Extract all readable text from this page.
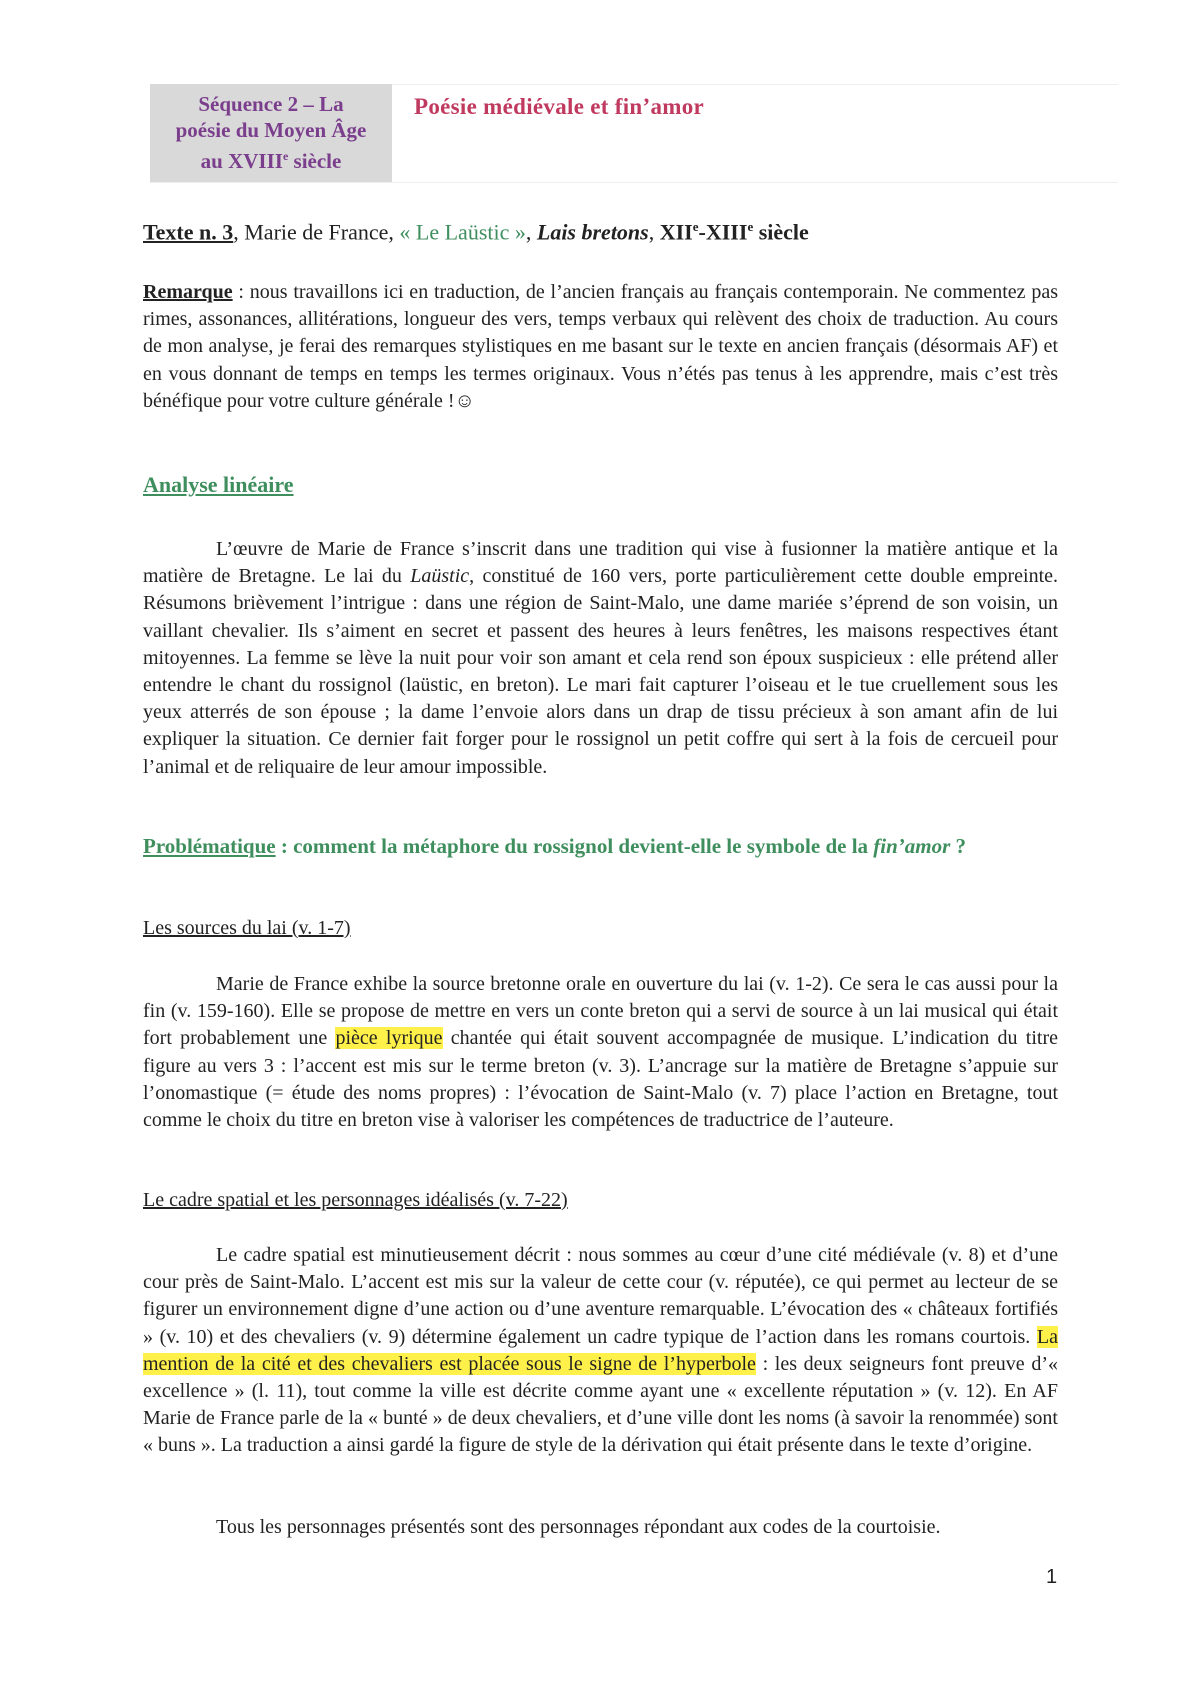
Séquence 2 – La
poésie du Moyen Âge
au XVIIIe siècle
Poésie médiévale et fin’amor
Texte n. 3, Marie de France, « Le Laüstic », Lais bretons, XIIe-XIIIe siècle
Remarque : nous travaillons ici en traduction, de l’ancien français au français contemporain. Ne commentez pas rimes, assonances, allitérations, longueur des vers, temps verbaux qui relèvent des choix de traduction. Au cours de mon analyse, je ferai des remarques stylistiques en me basant sur le texte en ancien français (désormais AF) et en vous donnant de temps en temps les termes originaux. Vous n’étés pas tenus à les apprendre, mais c’est très bénéfique pour votre culture générale !☺
Analyse linéaire
L’œuvre de Marie de France s’inscrit dans une tradition qui vise à fusionner la matière antique et la matière de Bretagne. Le lai du Laüstic, constitué de 160 vers, porte particulièrement cette double empreinte. Résumons brièvement l’intrigue : dans une région de Saint-Malo, une dame mariée s’éprend de son voisin, un vaillant chevalier. Ils s’aiment en secret et passent des heures à leurs fenêtres, les maisons respectives étant mitoyennes. La femme se lève la nuit pour voir son amant et cela rend son époux suspicieux : elle prétend aller entendre le chant du rossignol (laüstic, en breton). Le mari fait capturer l’oiseau et le tue cruellement sous les yeux atterrés de son épouse ; la dame l’envoie alors dans un drap de tissu précieux à son amant afin de lui expliquer la situation. Ce dernier fait forger pour le rossignol un petit coffre qui sert à la fois de cercueil pour l’animal et de reliquaire de leur amour impossible.
Problématique : comment la métaphore du rossignol devient-elle le symbole de la fin’amor ?
Les sources du lai (v. 1-7)
Marie de France exhibe la source bretonne orale en ouverture du lai (v. 1-2). Ce sera le cas aussi pour la fin (v. 159-160). Elle se propose de mettre en vers un conte breton qui a servi de source à un lai musical qui était fort probablement une pièce lyrique chantée qui était souvent accompagnée de musique. L’indication du titre figure au vers 3 : l’accent est mis sur le terme breton (v. 3). L’ancrage sur la matière de Bretagne s’appuie sur l’onomastique (= étude des noms propres) : l’évocation de Saint-Malo (v. 7) place l’action en Bretagne, tout comme le choix du titre en breton vise à valoriser les compétences de traductrice de l’auteure.
Le cadre spatial et les personnages idéalisés (v. 7-22)
Le cadre spatial est minutieusement décrit : nous sommes au cœur d’une cité médiévale (v. 8) et d’une cour près de Saint-Malo. L’accent est mis sur la valeur de cette cour (v. réputée), ce qui permet au lecteur de se figurer un environnement digne d’une action ou d’une aventure remarquable. L’évocation des « châteaux fortifiés » (v. 10) et des chevaliers (v. 9) détermine également un cadre typique de l’action dans les romans courtois. La mention de la cité et des chevaliers est placée sous le signe de l’hyperbole : les deux seigneurs font preuve d’« excellence » (l. 11), tout comme la ville est décrite comme ayant une « excellente réputation » (v. 12). En AF Marie de France parle de la « bunté » de deux chevaliers, et d’une ville dont les noms (à savoir la renommée) sont « buns ». La traduction a ainsi gardé la figure de style de la dérivation qui était présente dans le texte d’origine.
Tous les personnages présentés sont des personnages répondant aux codes de la courtoisie.
1
